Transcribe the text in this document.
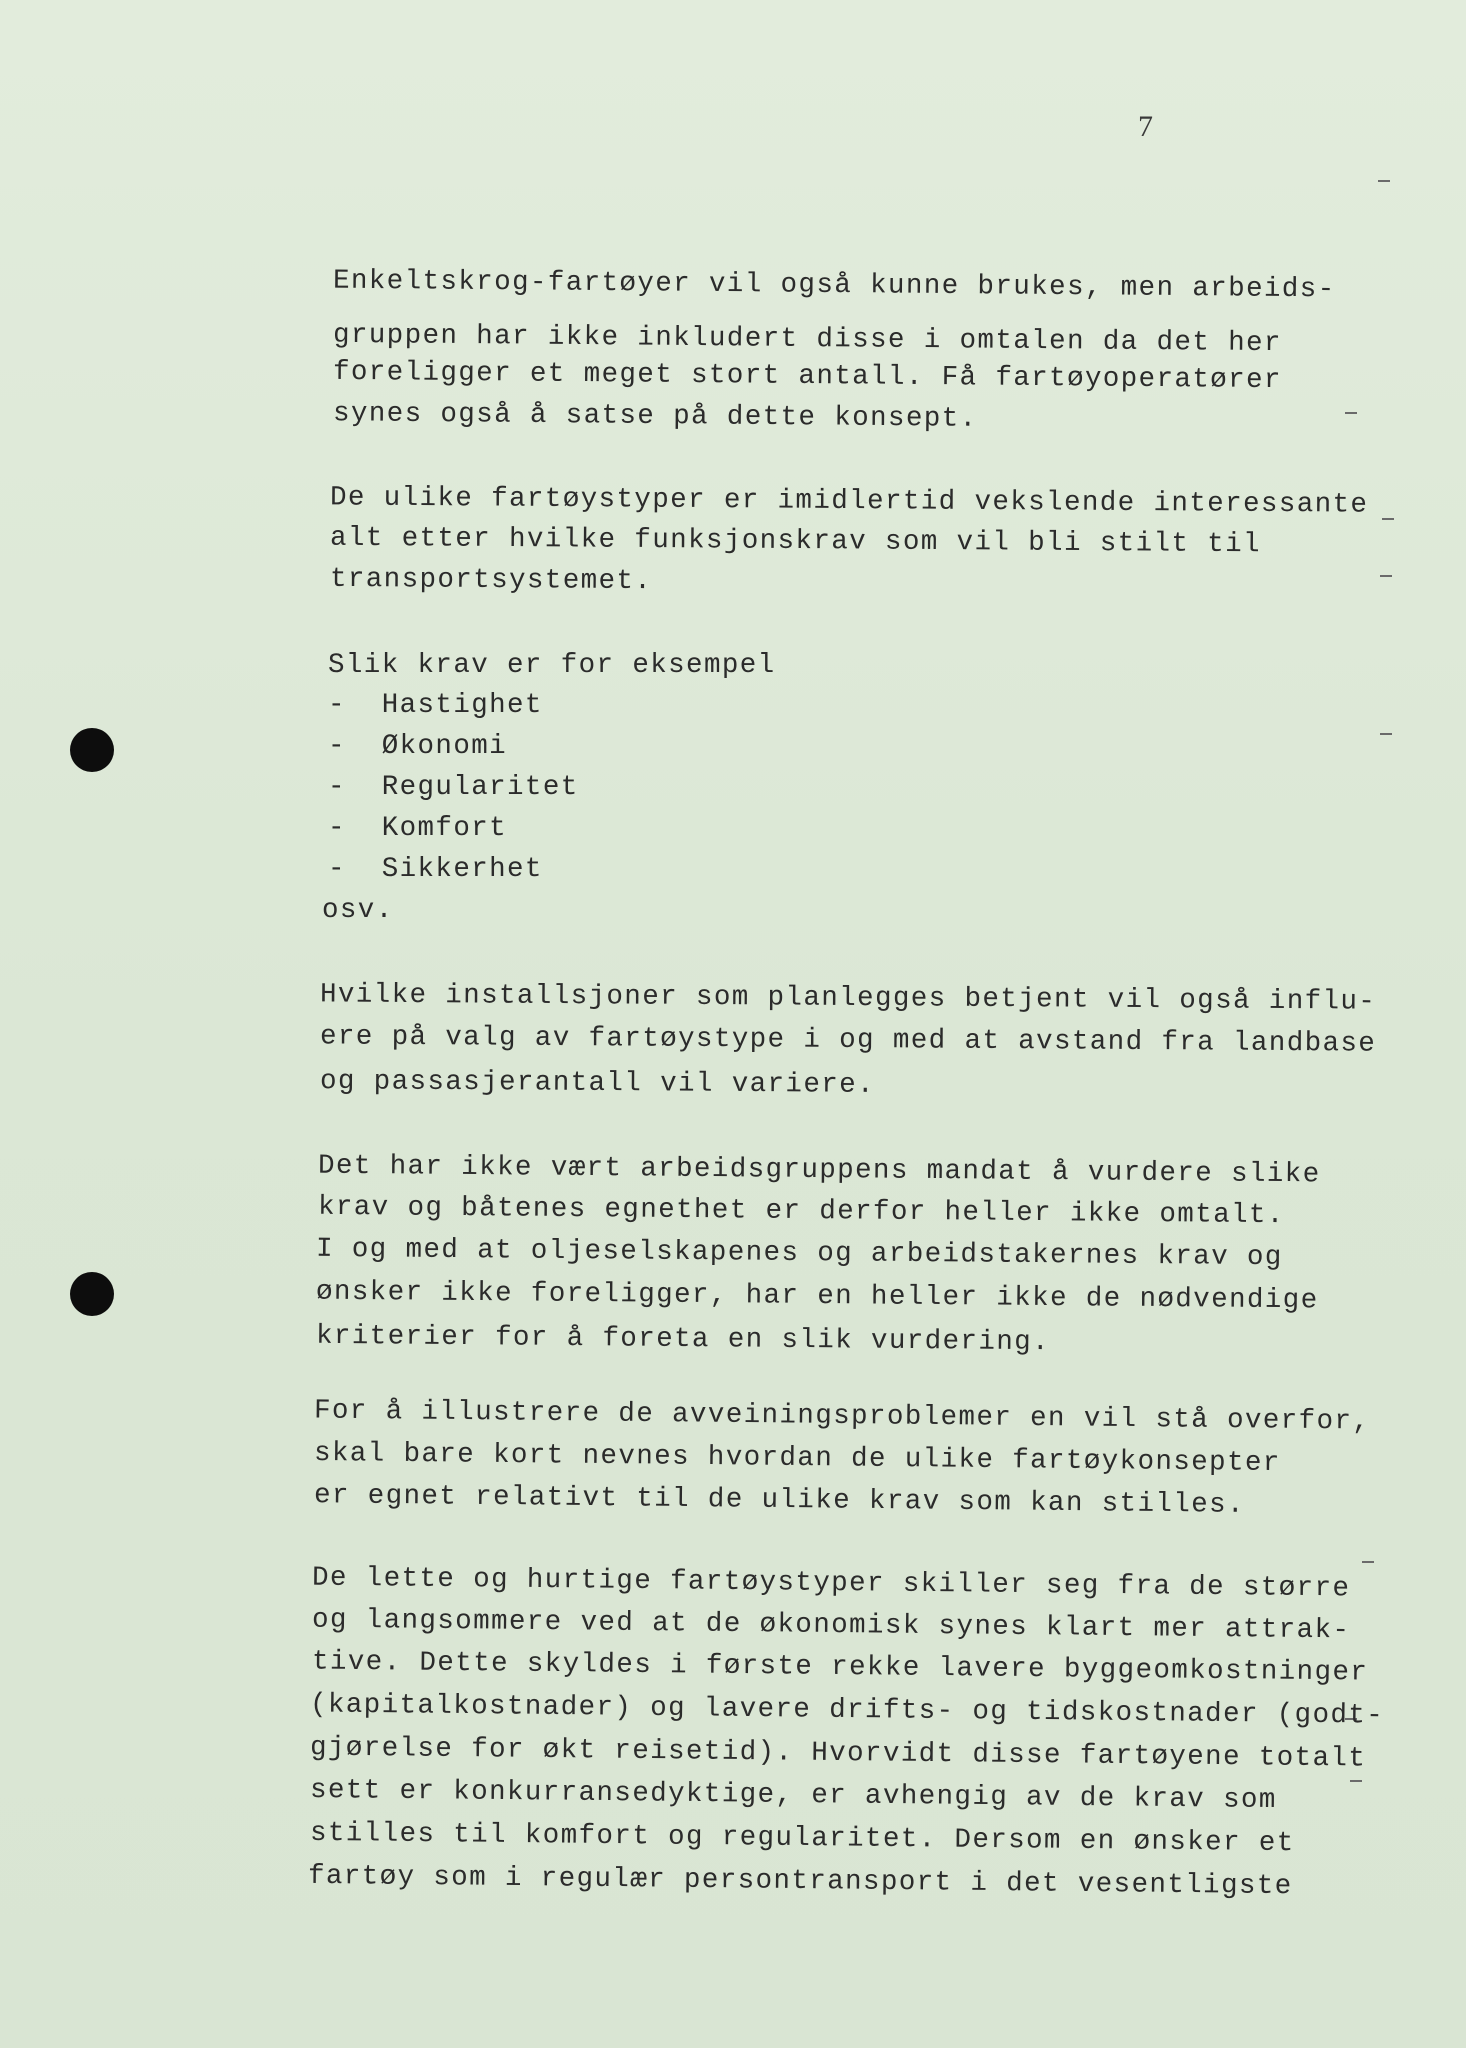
7
Enkeltskrog-fartøyer vil også kunne brukes, men arbeids-
gruppen har ikke inkludert disse i omtalen da det her
foreligger et meget stort antall. Få fartøyoperatører
synes også å satse på dette konsept.
De ulike fartøystyper er imidlertid vekslende interessante
alt etter hvilke funksjonskrav som vil bli stilt til
transportsystemet.
Slik krav er for eksempel
-  Hastighet
-  Økonomi
-  Regularitet
-  Komfort
-  Sikkerhet
osv.
Hvilke installsjoner som planlegges betjent vil også influ-
ere på valg av fartøystype i og med at avstand fra landbase
og passasjerantall vil variere.
Det har ikke vært arbeidsgruppens mandat å vurdere slike
krav og båtenes egnethet er derfor heller ikke omtalt.
I og med at oljeselskapenes og arbeidstakernes krav og
ønsker ikke foreligger, har en heller ikke de nødvendige
kriterier for å foreta en slik vurdering.
For å illustrere de avveiningsproblemer en vil stå overfor,
skal bare kort nevnes hvordan de ulike fartøykonsepter
er egnet relativt til de ulike krav som kan stilles.
De lette og hurtige fartøystyper skiller seg fra de større
og langsommere ved at de økonomisk synes klart mer attrak-
tive. Dette skyldes i første rekke lavere byggeomkostninger
(kapitalkostnader) og lavere drifts- og tidskostnader (godt-
gjørelse for økt reisetid). Hvorvidt disse fartøyene totalt
sett er konkurransedyktige, er avhengig av de krav som
stilles til komfort og regularitet. Dersom en ønsker et
fartøy som i regulær persontransport i det vesentligste
